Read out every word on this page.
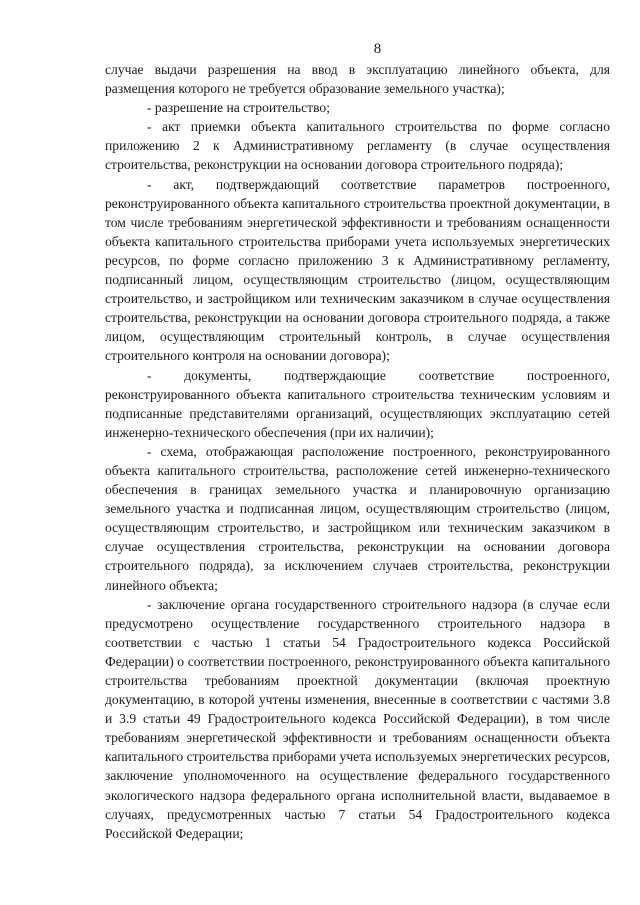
8

случае выдачи разрешения на ввод в эксплуатацию линейного объекта, для размещения которого не требуется образование земельного участка);

- разрешение на строительство;

- акт приемки объекта капитального строительства по форме согласно приложению 2 к Административному регламенту (в случае осуществления строительства, реконструкции на основании договора строительного подряда);

- акт, подтверждающий соответствие параметров построенного, реконструированного объекта капитального строительства проектной документации, в том числе требованиям энергетической эффективности и требованиям оснащенности объекта капитального строительства приборами учета используемых энергетических ресурсов, по форме согласно приложению 3 к Административному регламенту, подписанный лицом, осуществляющим строительство (лицом, осуществляющим строительство, и застройщиком или техническим заказчиком в случае осуществления строительства, реконструкции на основании договора строительного подряда, а также лицом, осуществляющим строительный контроль, в случае осуществления строительного контроля на основании договора);

- документы, подтверждающие соответствие построенного, реконструированного объекта капитального строительства техническим условиям и подписанные представителями организаций, осуществляющих эксплуатацию сетей инженерно-технического обеспечения (при их наличии);

- схема, отображающая расположение построенного, реконструированного объекта капитального строительства, расположение сетей инженерно-технического обеспечения в границах земельного участка и планировочную организацию земельного участка и подписанная лицом, осуществляющим строительство (лицом, осуществляющим строительство, и застройщиком или техническим заказчиком в случае осуществления строительства, реконструкции на основании договора строительного подряда), за исключением случаев строительства, реконструкции линейного объекта;

- заключение органа государственного строительного надзора (в случае если предусмотрено осуществление государственного строительного надзора в соответствии с частью 1 статьи 54 Градостроительного кодекса Российской Федерации) о соответствии построенного, реконструированного объекта капитального строительства требованиям проектной документации (включая проектную документацию, в которой учтены изменения, внесенные в соответствии с частями 3.8 и 3.9 статьи 49 Градостроительного кодекса Российской Федерации), в том числе требованиям энергетической эффективности и требованиям оснащенности объекта капитального строительства приборами учета используемых энергетических ресурсов, заключение уполномоченного на осуществление федерального государственного экологического надзора федерального органа исполнительной власти, выдаваемое в случаях, предусмотренных частью 7 статьи 54 Градостроительного кодекса Российской Федерации;
